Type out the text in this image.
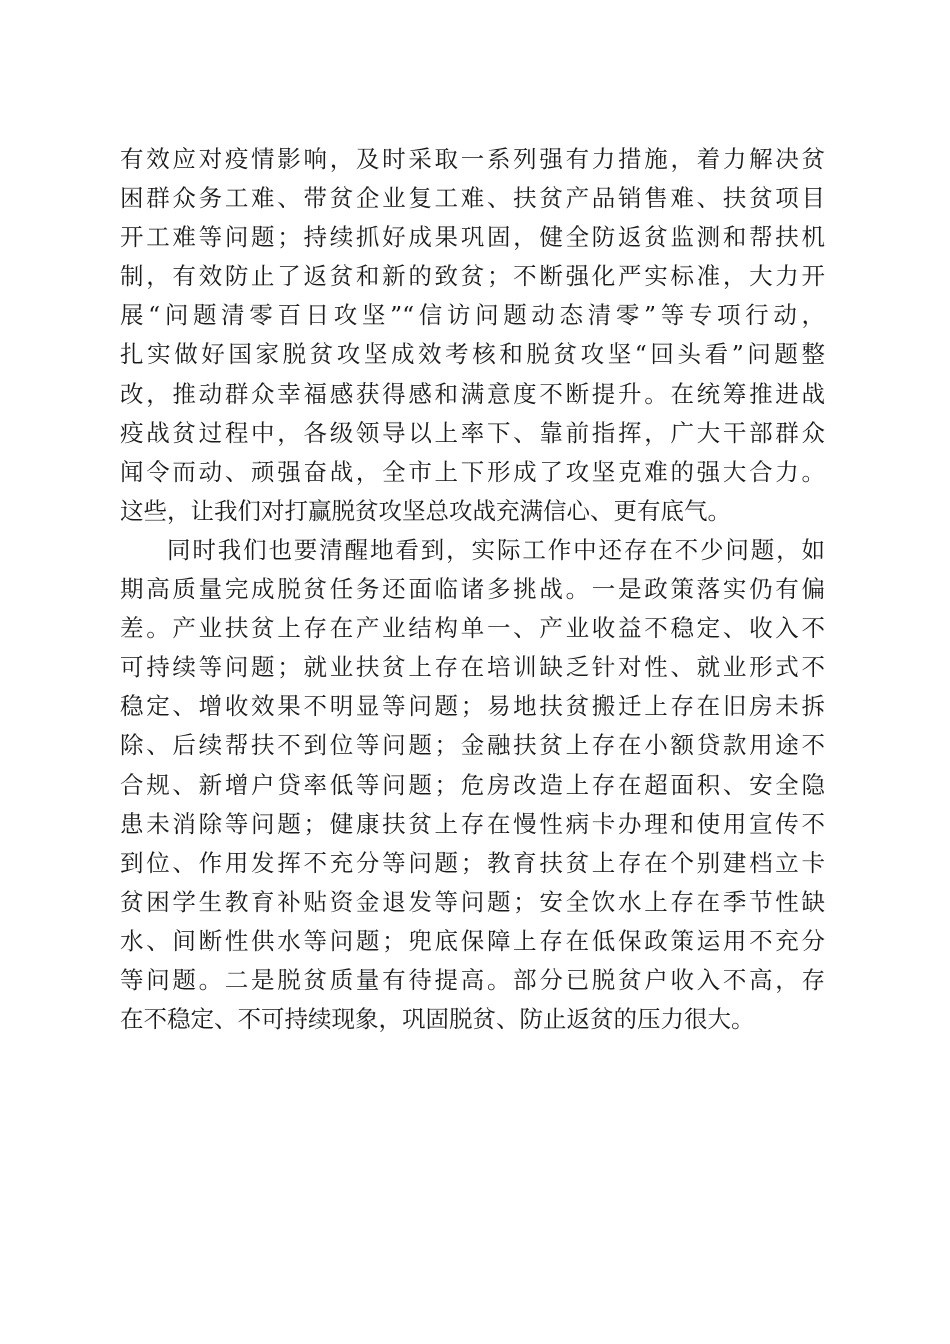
有效应对疫情影响，及时采取一系列强有力措施，着力解决贫
困群众务工难、带贫企业复工难、扶贫产品销售难、扶贫项目
开工难等问题；持续抓好成果巩固，健全防返贫监测和帮扶机
制，有效防止了返贫和新的致贫；不断强化严实标准，大力开
展“问题清零百日攻坚”“信访问题动态清零”等专项行动，
扎实做好国家脱贫攻坚成效考核和脱贫攻坚“回头看”问题整
改，推动群众幸福感获得感和满意度不断提升。在统筹推进战
疫战贫过程中，各级领导以上率下、靠前指挥，广大干部群众
闻令而动、顽强奋战，全市上下形成了攻坚克难的强大合力。
这些，让我们对打赢脱贫攻坚总攻战充满信心、更有底气。
同时我们也要清醒地看到，实际工作中还存在不少问题，如
期高质量完成脱贫任务还面临诸多挑战。一是政策落实仍有偏
差。产业扶贫上存在产业结构单一、产业收益不稳定、收入不
可持续等问题；就业扶贫上存在培训缺乏针对性、就业形式不
稳定、增收效果不明显等问题；易地扶贫搬迁上存在旧房未拆
除、后续帮扶不到位等问题；金融扶贫上存在小额贷款用途不
合规、新增户贷率低等问题；危房改造上存在超面积、安全隐
患未消除等问题；健康扶贫上存在慢性病卡办理和使用宣传不
到位、作用发挥不充分等问题；教育扶贫上存在个别建档立卡
贫困学生教育补贴资金退发等问题；安全饮水上存在季节性缺
水、间断性供水等问题；兜底保障上存在低保政策运用不充分
等问题。二是脱贫质量有待提高。部分已脱贫户收入不高，存
在不稳定、不可持续现象，巩固脱贫、防止返贫的压力很大。
